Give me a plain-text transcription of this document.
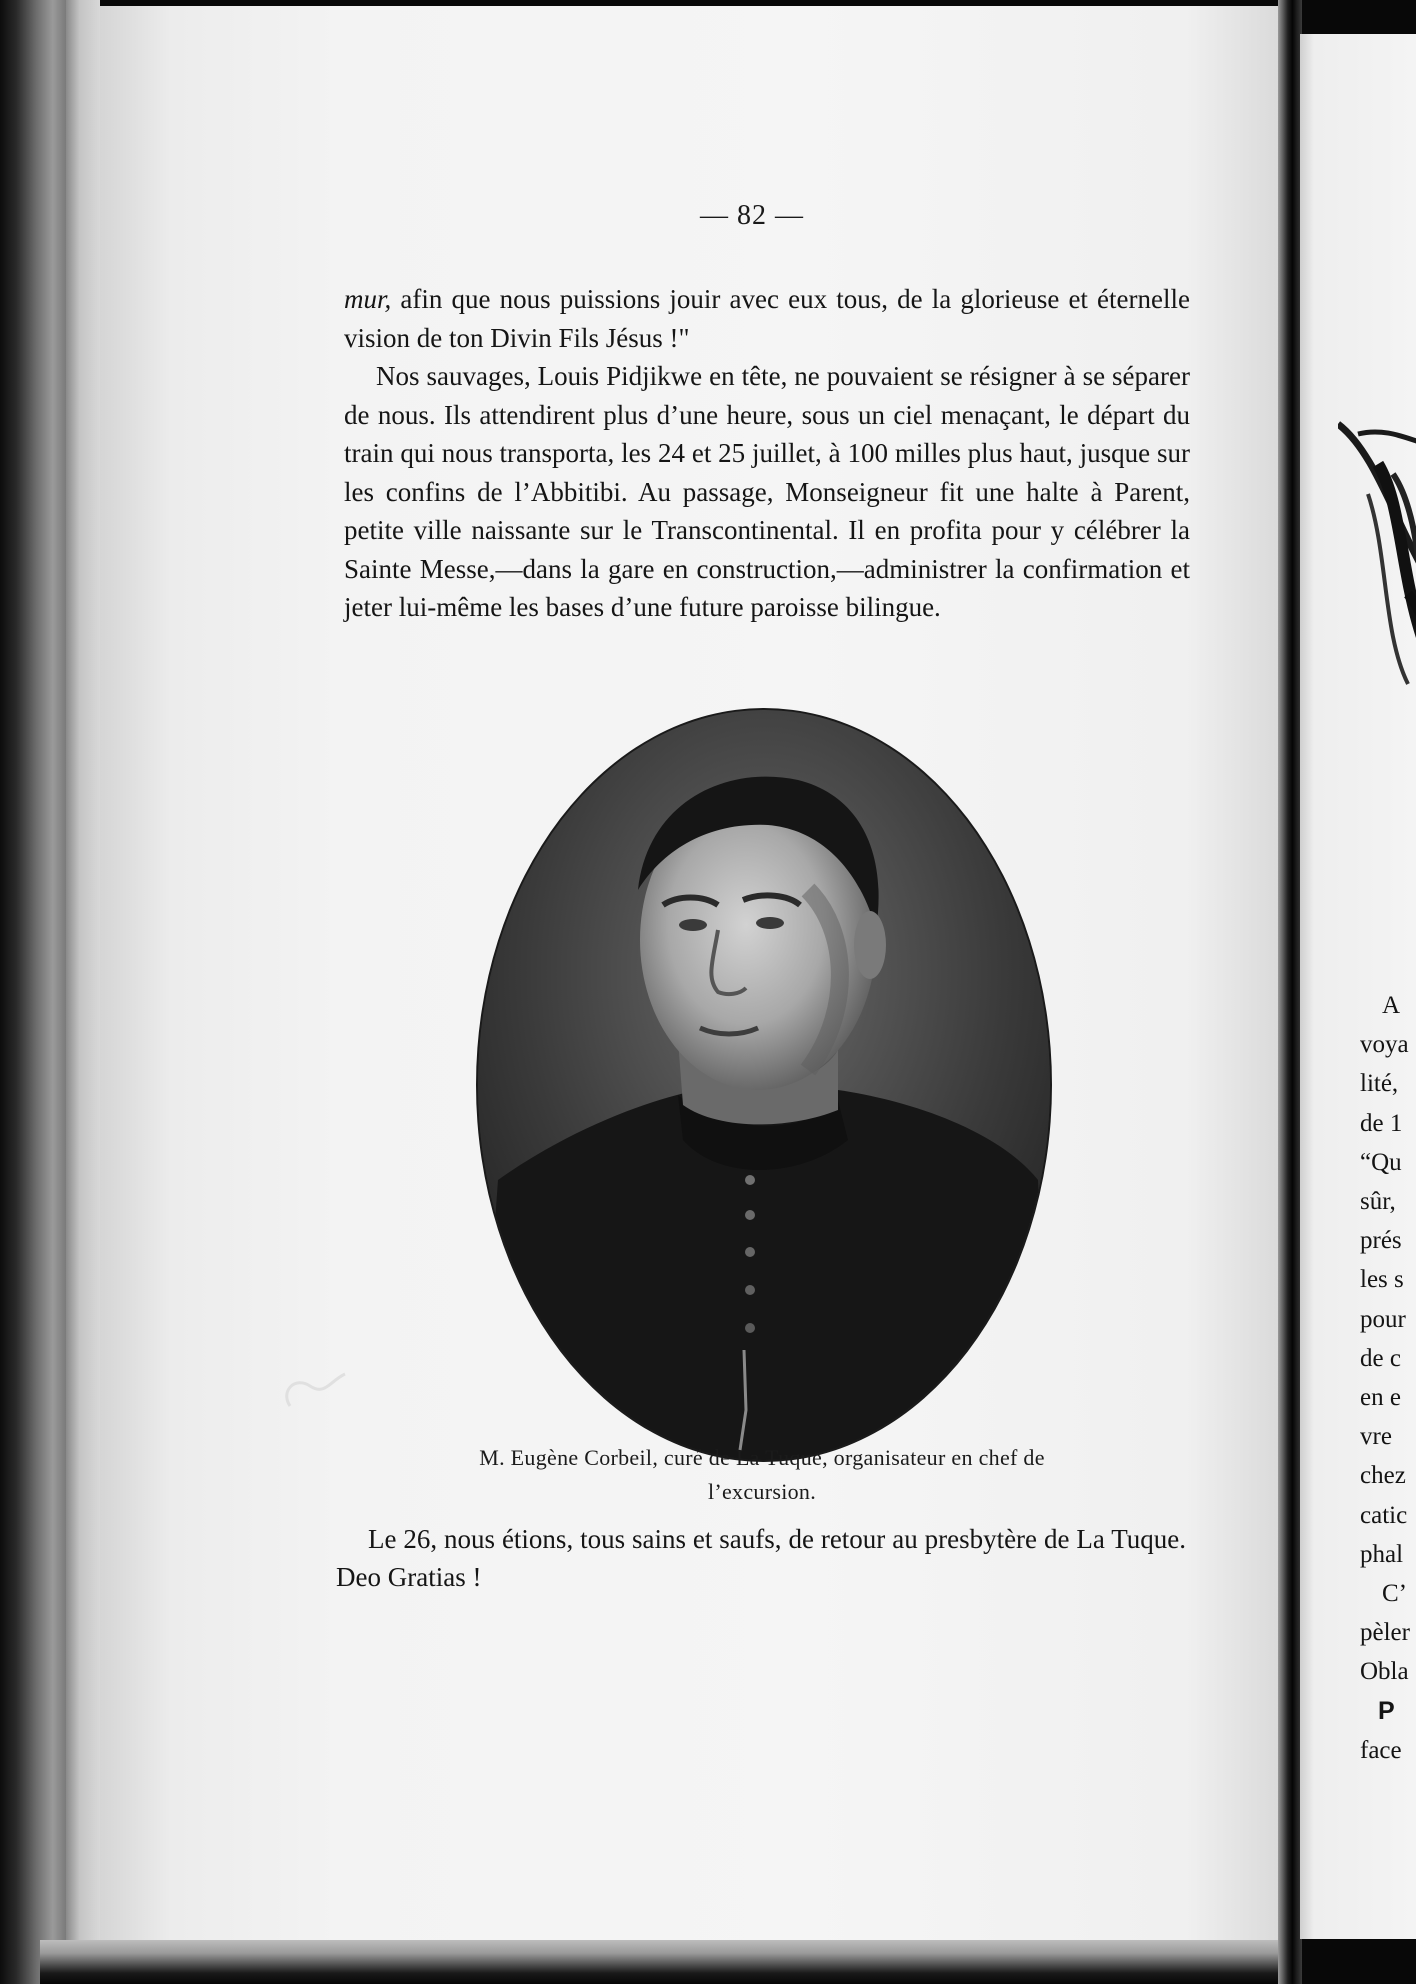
A
voya
lité,
de 1
“Qu
sûr,
prés
les s
pour
de c
en e
vre
chez
catic
phal
C’
pèler
Obla
P
face
— 82 —

mur, afin que nous puissions jouir avec eux tous, de la glorieuse et éternelle vision de ton Divin Fils Jésus !"

Nos sauvages, Louis Pidjikwe en tête, ne pouvaient se résigner à se séparer de nous. Ils attendirent plus d’une heure, sous un ciel menaçant, le départ du train qui nous transporta, les 24 et 25 juillet, à 100 milles plus haut, jusque sur les confins de l’Abbitibi. Au passage, Monseigneur fit une halte à Parent, petite ville naissante sur le Transcontinental. Il en profita pour y célébrer la Sainte Messe,—dans la gare en construction,—administrer la confirmation et jeter lui-même les bases d’une future paroisse bilingue.

M. Eugène Corbeil, curé de La Tuque, organisateur en chef de
l’excursion.

Le 26, nous étions, tous sains et saufs, de retour au presbytère de La Tuque. Deo Gratias !
